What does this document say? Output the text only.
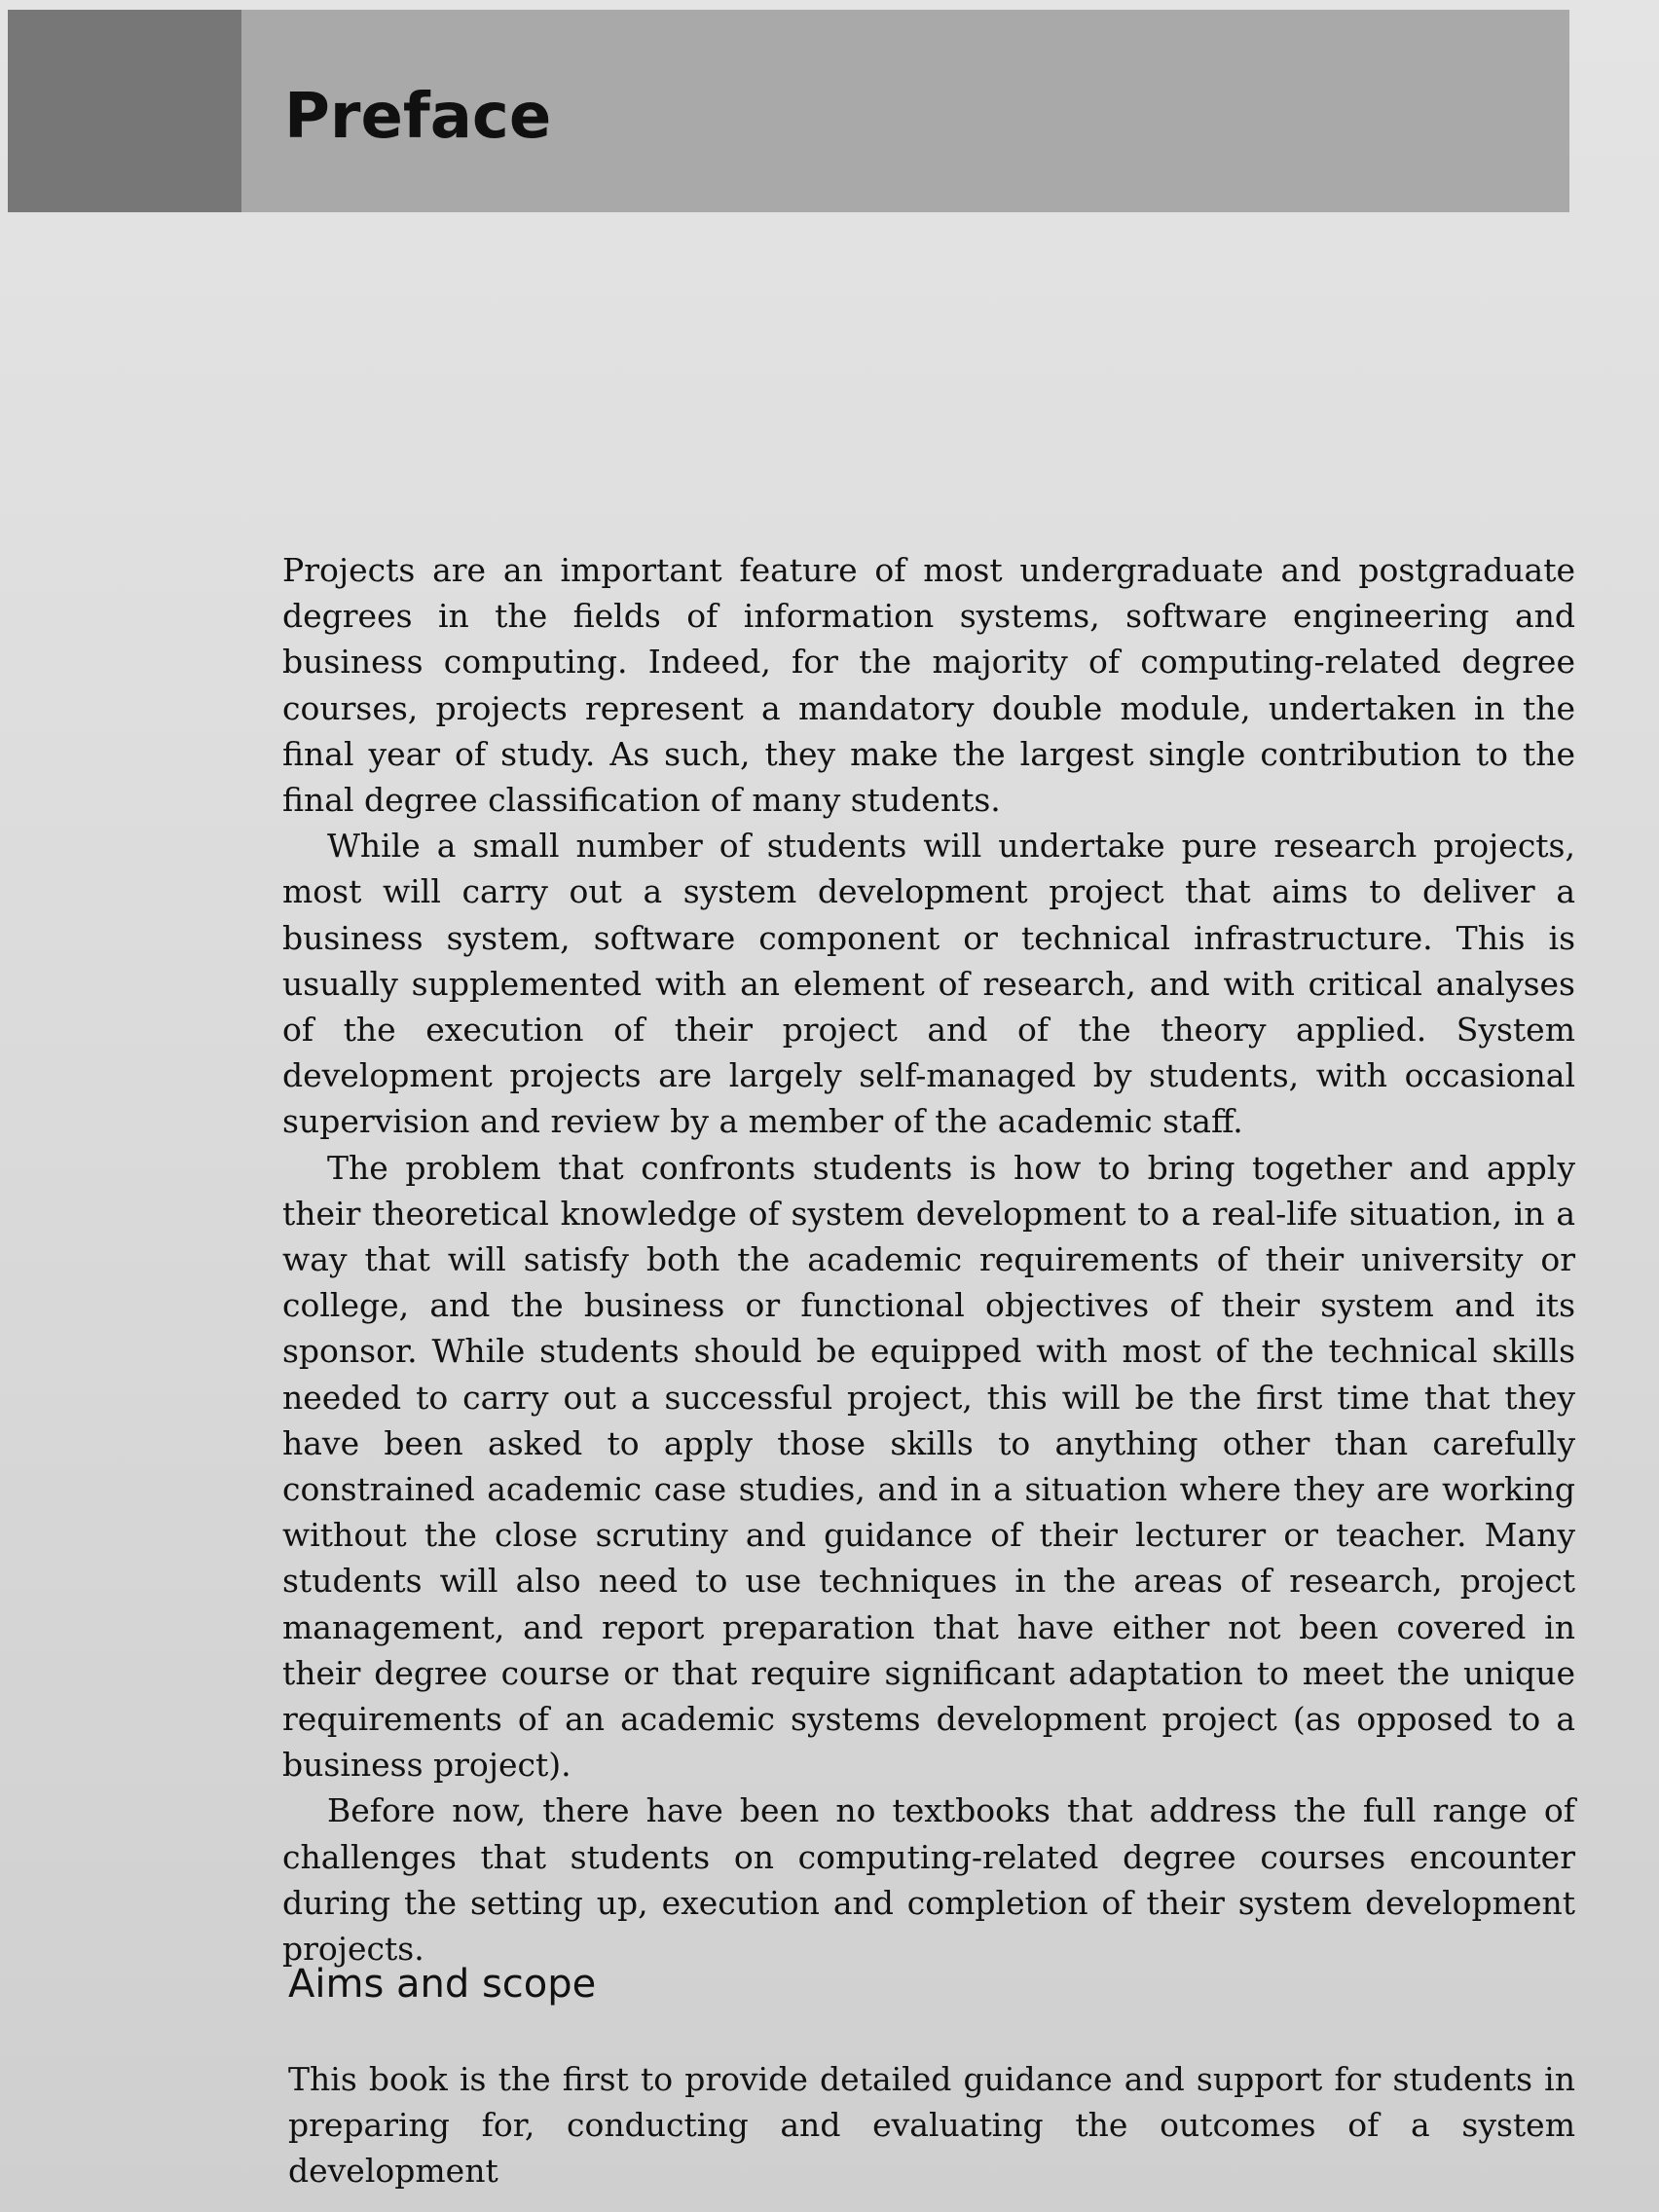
Preface

Projects are an important feature of most undergraduate and postgraduate degrees in the fields of information systems, software engineering and business computing. Indeed, for the majority of computing-related degree courses, projects represent a mandatory double module, undertaken in the final year of study. As such, they make the largest single contribution to the final degree classification of many students.

While a small number of students will undertake pure research projects, most will carry out a system development project that aims to deliver a business system, software component or technical infrastructure. This is usually supplemented with an element of research, and with critical analyses of the execution of their project and of the theory applied. System development projects are largely self-managed by students, with occasional supervision and review by a member of the academic staff.

The problem that confronts students is how to bring together and apply their theoretical knowledge of system development to a real-life situation, in a way that will satisfy both the academic requirements of their university or college, and the business or functional objectives of their system and its sponsor. While students should be equipped with most of the technical skills needed to carry out a successful project, this will be the first time that they have been asked to apply those skills to anything other than carefully constrained academic case studies, and in a situation where they are working without the close scrutiny and guidance of their lecturer or teacher. Many students will also need to use techniques in the areas of research, project management, and report preparation that have either not been covered in their degree course or that require significant adaptation to meet the unique requirements of an academic systems development project (as opposed to a business project).

Before now, there have been no textbooks that address the full range of challenges that students on computing-related degree courses encounter during the setting up, execution and completion of their system development projects.

Aims and scope

This book is the first to provide detailed guidance and support for students in preparing for, conducting and evaluating the outcomes of a system development
